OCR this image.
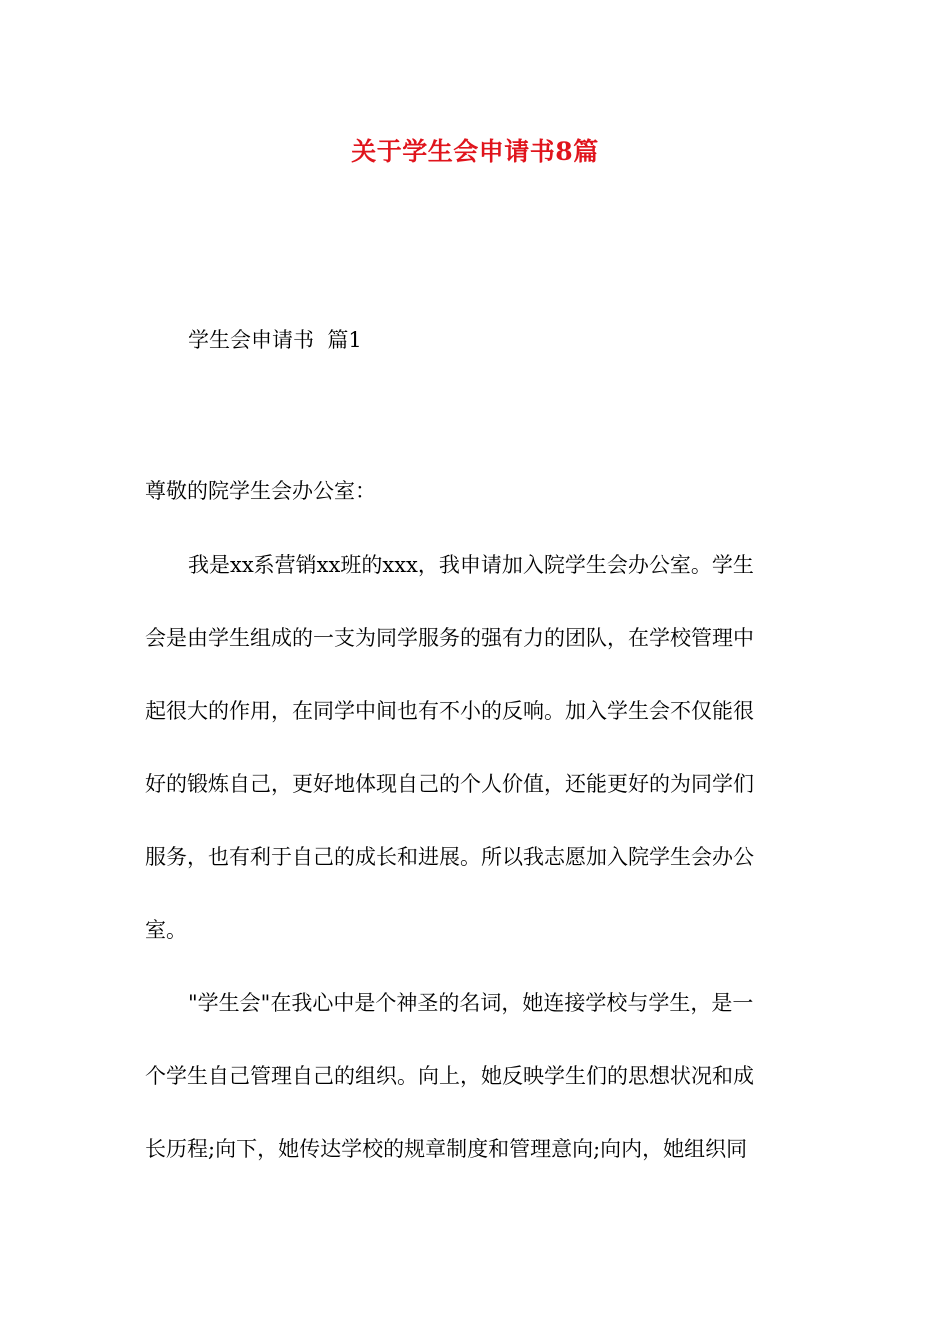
关于学生会申请书8篇
学生会申请书  篇1
尊敬的院学生会办公室：
我是xx系营销xx班的xxx，我申请加入院学生会办公室。学生
会是由学生组成的一支为同学服务的强有力的团队，在学校管理中
起很大的作用，在同学中间也有不小的反响。加入学生会不仅能很
好的锻炼自己，更好地体现自己的个人价值，还能更好的为同学们
服务，也有利于自己的成长和进展。所以我志愿加入院学生会办公
室。
"学生会"在我心中是个神圣的名词，她连接学校与学生，是一
个学生自己管理自己的组织。向上，她反映学生们的思想状况和成
长历程;向下，她传达学校的规章制度和管理意向;向内，她组织同
